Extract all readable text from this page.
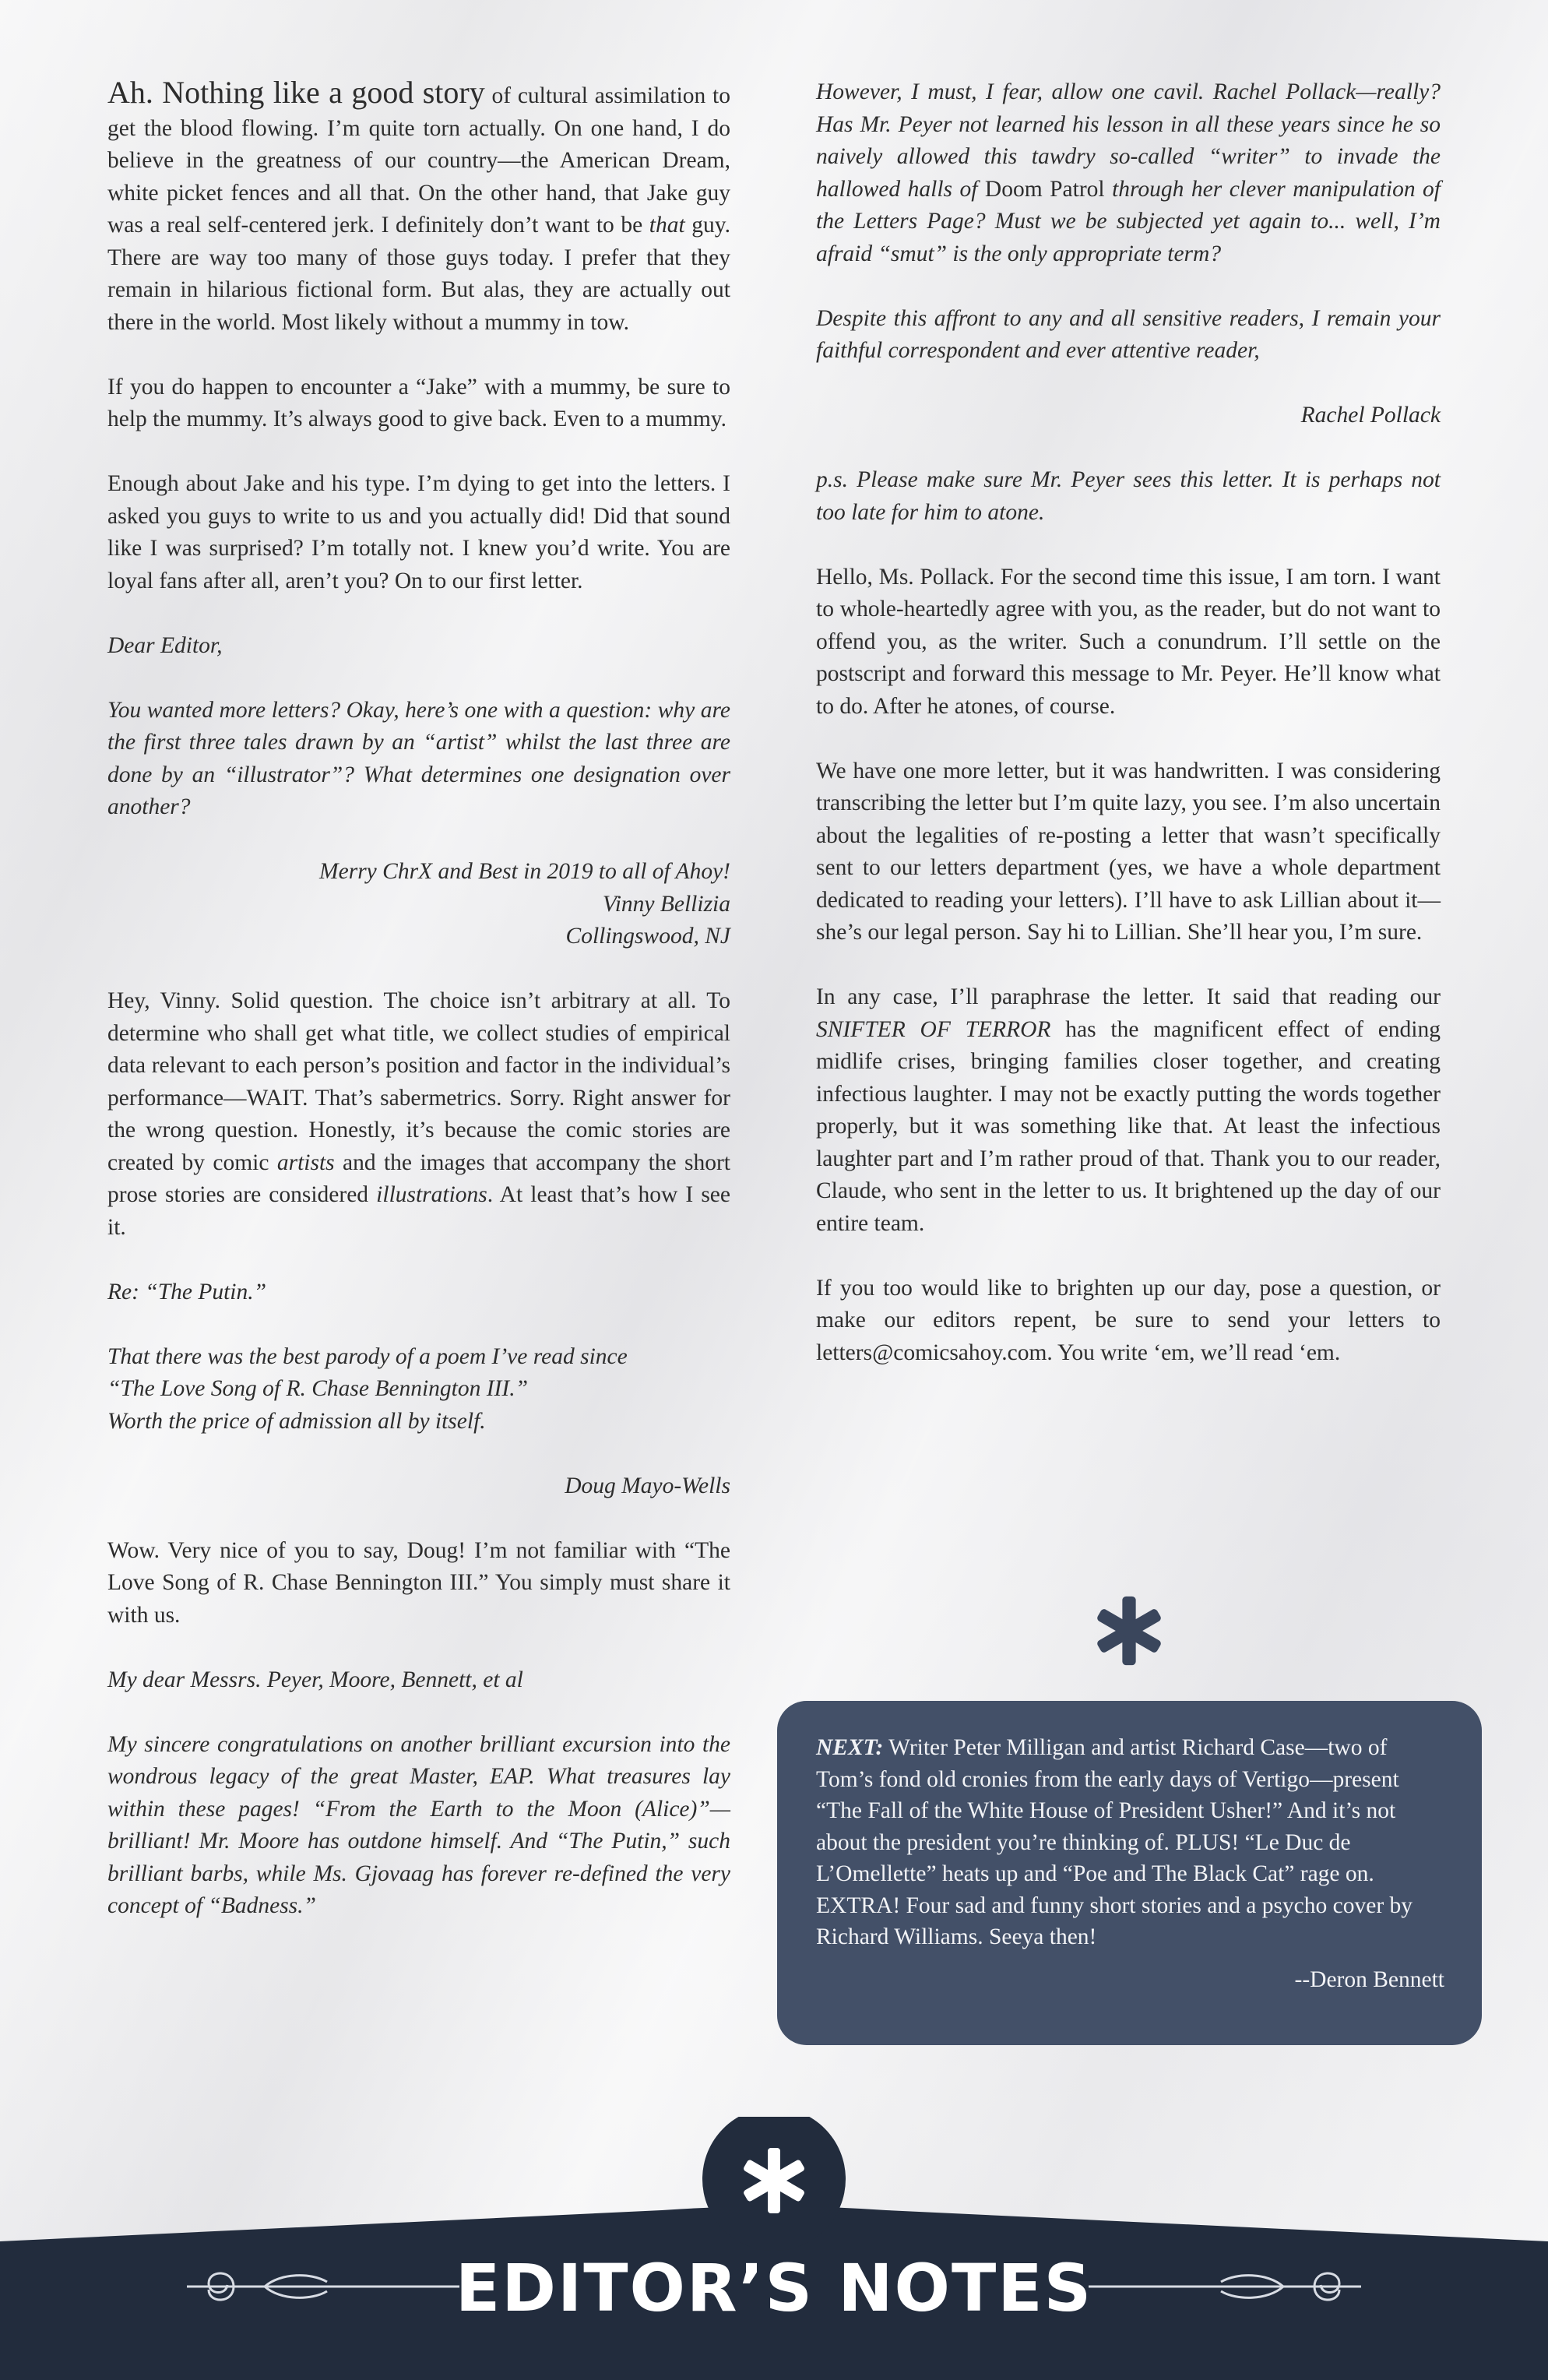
Ah. Nothing like a good story of cultural assimilation to get the blood flowing. I’m quite torn actually. On one hand, I do believe in the greatness of our country—the American Dream, white picket fences and all that. On the other hand, that Jake guy was a real self-centered jerk. I definitely don’t want to be that guy. There are way too many of those guys today. I prefer that they remain in hilarious fictional form. But alas, they are actually out there in the world. Most likely without a mummy in tow.

If you do happen to encounter a “Jake” with a mummy, be sure to help the mummy. It’s always good to give back. Even to a mummy.

Enough about Jake and his type. I’m dying to get into the letters. I asked you guys to write to us and you actually did! Did that sound like I was surprised? I’m totally not. I knew you’d write. You are loyal fans after all, aren’t you? On to our first letter.

Dear Editor,

You wanted more letters? Okay, here’s one with a question: why are the first three tales drawn by an “artist” whilst the last three are done by an “illustrator”? What determines one designation over another?

Merry ChrX and Best in 2019 to all of Ahoy!
Vinny Bellizia
Collingswood, NJ

Hey, Vinny. Solid question. The choice isn’t arbitrary at all. To determine who shall get what title, we collect studies of empirical data relevant to each person’s position and factor in the individual’s performance—WAIT. That’s sabermetrics. Sorry. Right answer for the wrong question. Honestly, it’s because the comic stories are created by comic artists and the images that accompany the short prose stories are considered illustrations. At least that’s how I see it.

Re: “The Putin.”

That there was the best parody of a poem I’ve read since
“The Love Song of R. Chase Bennington III.”
Worth the price of admission all by itself.

Doug Mayo-Wells

Wow. Very nice of you to say, Doug! I’m not familiar with “The Love Song of R. Chase Bennington III.” You simply must share it with us.

My dear Messrs. Peyer, Moore, Bennett, et al

My sincere congratulations on another brilliant excursion into the wondrous legacy of the great Master, EAP. What treasures lay within these pages! “From the Earth to the Moon (Alice)”—brilliant! Mr. Moore has outdone himself. And “The Putin,” such brilliant barbs, while Ms. Gjovaag has forever re-defined the very concept of “Badness.”

However, I must, I fear, allow one cavil. Rachel Pollack—really? Has Mr. Peyer not learned his lesson in all these years since he so naively allowed this tawdry so-called “writer” to invade the hallowed halls of Doom Patrol through her clever manipulation of the Letters Page? Must we be subjected yet again to... well, I’m afraid “smut” is the only appropriate term?

Despite this affront to any and all sensitive readers, I remain your faithful correspondent and ever attentive reader,

Rachel Pollack

p.s. Please make sure Mr. Peyer sees this letter. It is perhaps not too late for him to atone.

Hello, Ms. Pollack. For the second time this issue, I am torn. I want to whole-heartedly agree with you, as the reader, but do not want to offend you, as the writer. Such a conundrum. I’ll settle on the postscript and forward this message to Mr. Peyer. He’ll know what to do. After he atones, of course.

We have one more letter, but it was handwritten. I was considering transcribing the letter but I’m quite lazy, you see. I’m also uncertain about the legalities of re-posting a letter that wasn’t specifically sent to our letters department (yes, we have a whole department dedicated to reading your letters). I’ll have to ask Lillian about it—she’s our legal person. Say hi to Lillian. She’ll hear you, I’m sure.

In any case, I’ll paraphrase the letter. It said that reading our SNIFTER OF TERROR has the magnificent effect of ending midlife crises, bringing families closer together, and creating infectious laughter. I may not be exactly putting the words together properly, but it was something like that. At least the infectious laughter part and I’m rather proud of that. Thank you to our reader, Claude, who sent in the letter to us. It brightened up the day of our entire team.

If you too would like to brighten up our day, pose a question, or make our editors repent, be sure to send your letters to letters@comicsahoy.com. You write ‘em, we’ll read ‘em.

NEXT: Writer Peter Milligan and artist Richard Case—two of Tom’s fond old cronies from the early days of Vertigo—present “The Fall of the White House of President Usher!” And it’s not about the president you’re thinking of. PLUS! “Le Duc de L’Omellette” heats up and “Poe and The Black Cat” rage on. EXTRA! Four sad and funny short stories and a psycho cover by Richard Williams. Seeya then!
--Deron Bennett
EDITOR’S NOTES
